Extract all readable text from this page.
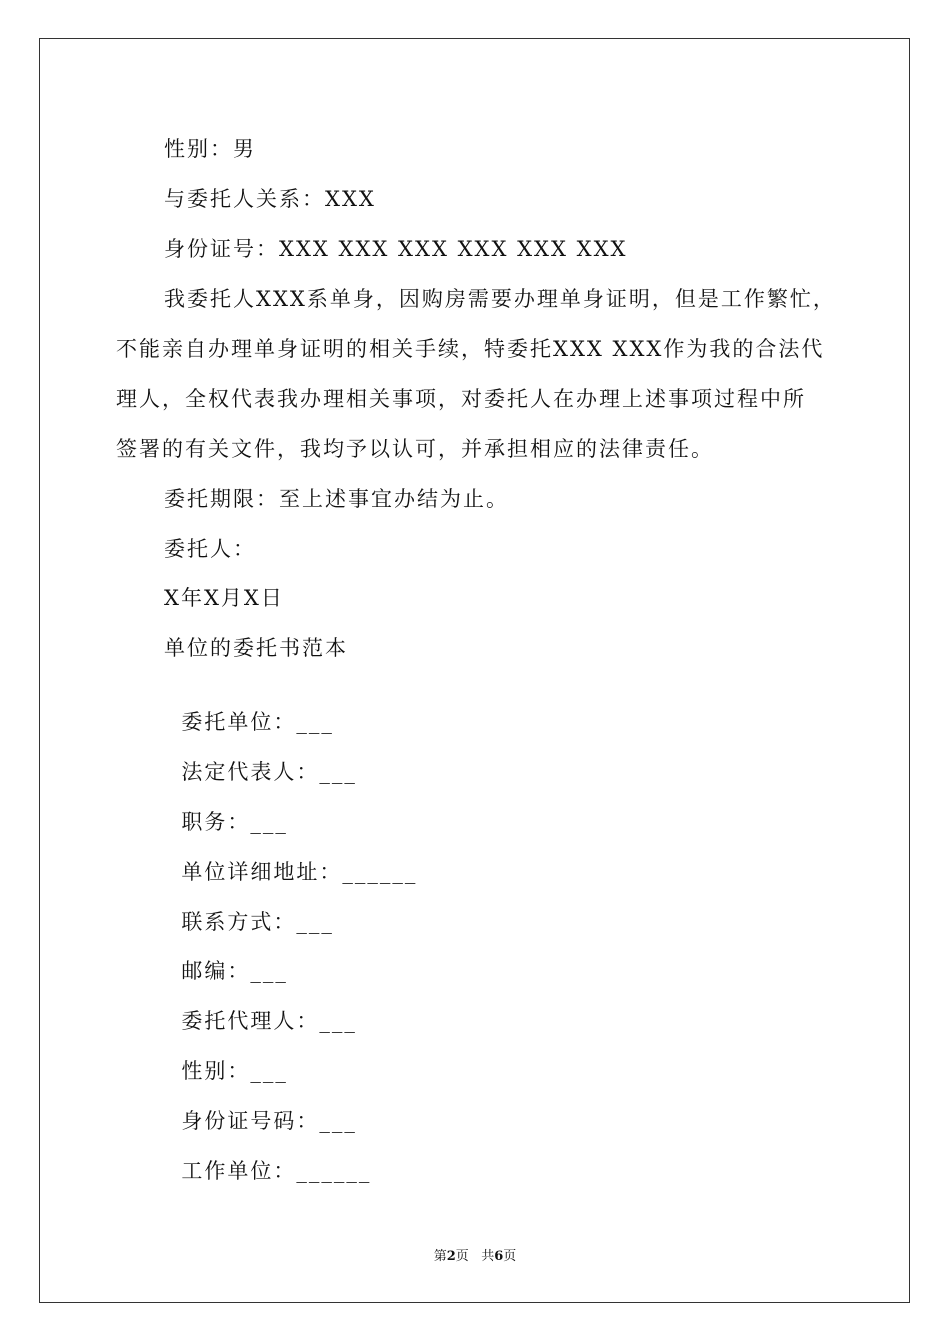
性别：男
与委托人关系：XXX
身份证号：XXX XXX XXX XXX XXX XXX
我委托人XXX系单身，因购房需要办理单身证明，但是工作繁忙，
不能亲自办理单身证明的相关手续，特委托XXX XXX作为我的合法代
理人，全权代表我办理相关事项，对委托人在办理上述事项过程中所
签署的有关文件，我均予以认可，并承担相应的法律责任。
委托期限：至上述事宜办结为止。
委托人：
X年X月X日
单位的委托书范本

委托单位：___

法定代表人：___

职务：___

单位详细地址：______

联系方式：___

邮编：___

委托代理人：___

性别：___

身份证号码：___

工作单位：______

第2页 共6页
